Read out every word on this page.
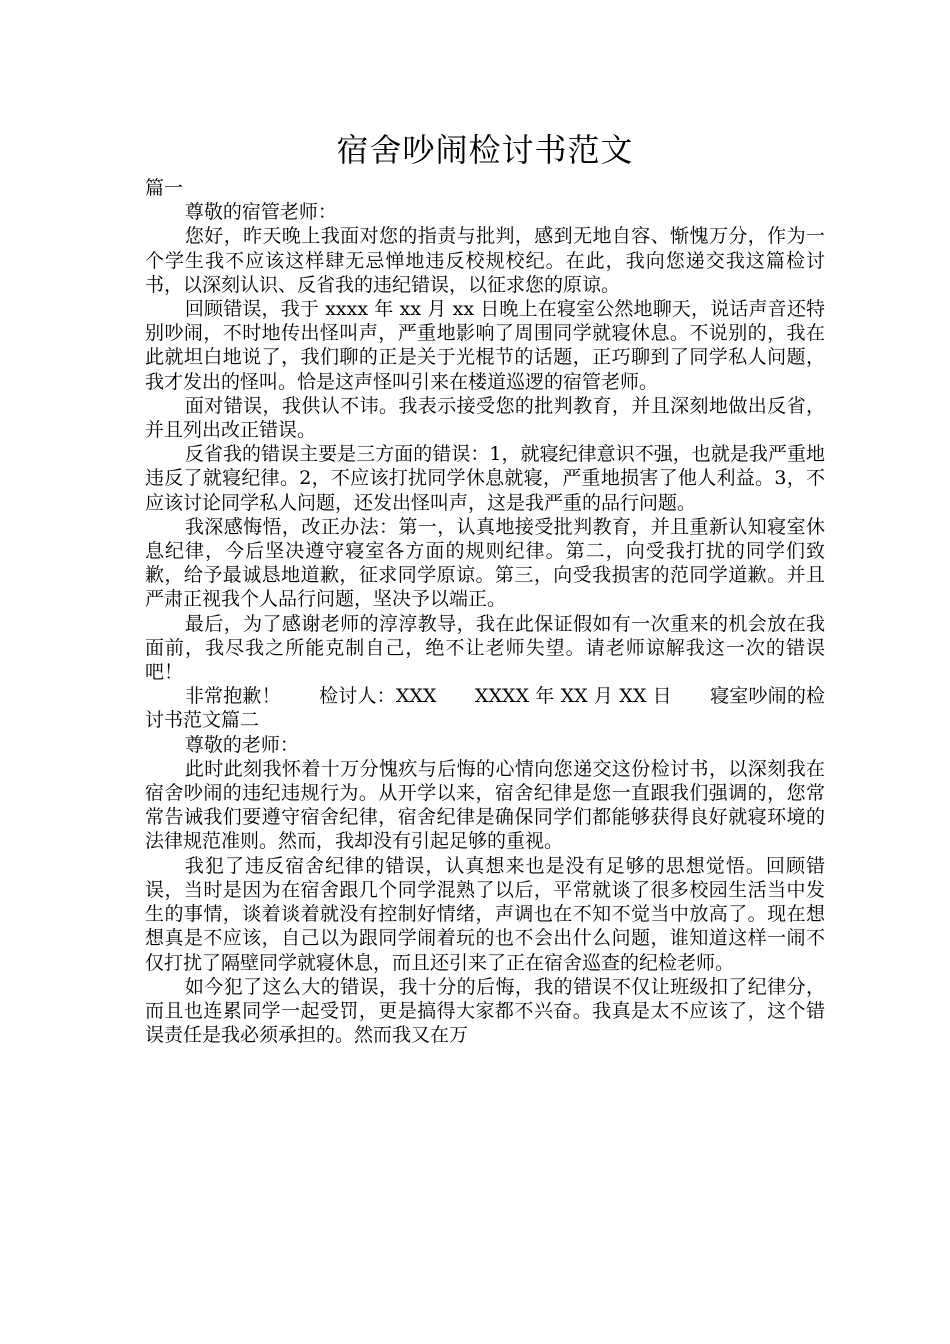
宿舍吵闹检讨书范文

篇一

尊敬的宿管老师：

您好，昨天晚上我面对您的指责与批判，感到无地自容、惭愧万分，作为一个学生我不应该这样肆无忌惮地违反校规校纪。在此，我向您递交我这篇检讨书，以深刻认识、反省我的违纪错误，以征求您的原谅。

回顾错误，我于 xxxx 年 xx 月 xx 日晚上在寝室公然地聊天，说话声音还特别吵闹，不时地传出怪叫声，严重地影响了周围同学就寝休息。不说别的，我在此就坦白地说了，我们聊的正是关于光棍节的话题，正巧聊到了同学私人问题，我才发出的怪叫。恰是这声怪叫引来在楼道巡逻的宿管老师。

面对错误，我供认不讳。我表示接受您的批判教育，并且深刻地做出反省，并且列出改正错误。

反省我的错误主要是三方面的错误：1，就寝纪律意识不强，也就是我严重地违反了就寝纪律。2，不应该打扰同学休息就寝，严重地损害了他人利益。3，不应该讨论同学私人问题，还发出怪叫声，这是我严重的品行问题。

我深感悔悟，改正办法：第一，认真地接受批判教育，并且重新认知寝室休息纪律，今后坚决遵守寝室各方面的规则纪律。第二，向受我打扰的同学们致歉，给予最诚恳地道歉，征求同学原谅。第三，向受我损害的范同学道歉。并且严肃正视我个人品行问题，坚决予以端正。

最后，为了感谢老师的淳淳教导，我在此保证假如有一次重来的机会放在我面前，我尽我之所能克制自己，绝不让老师失望。请老师谅解我这一次的错误吧！

非常抱歉！　　检讨人：XXX　　XXXX 年 XX 月 XX 日　　寝室吵闹的检讨书范文篇二

尊敬的老师：

此时此刻我怀着十万分愧疚与后悔的心情向您递交这份检讨书，以深刻我在宿舍吵闹的违纪违规行为。从开学以来，宿舍纪律是您一直跟我们强调的，您常常告诫我们要遵守宿舍纪律，宿舍纪律是确保同学们都能够获得良好就寝环境的法律规范准则。然而，我却没有引起足够的重视。

我犯了违反宿舍纪律的错误，认真想来也是没有足够的思想觉悟。回顾错误，当时是因为在宿舍跟几个同学混熟了以后，平常就谈了很多校园生活当中发生的事情，谈着谈着就没有控制好情绪，声调也在不知不觉当中放高了。现在想想真是不应该，自己以为跟同学闹着玩的也不会出什么问题，谁知道这样一闹不仅打扰了隔壁同学就寝休息，而且还引来了正在宿舍巡查的纪检老师。

如今犯了这么大的错误，我十分的后悔，我的错误不仅让班级扣了纪律分，而且也连累同学一起受罚，更是搞得大家都不兴奋。我真是太不应该了，这个错误责任是我必须承担的。然而我又在万
